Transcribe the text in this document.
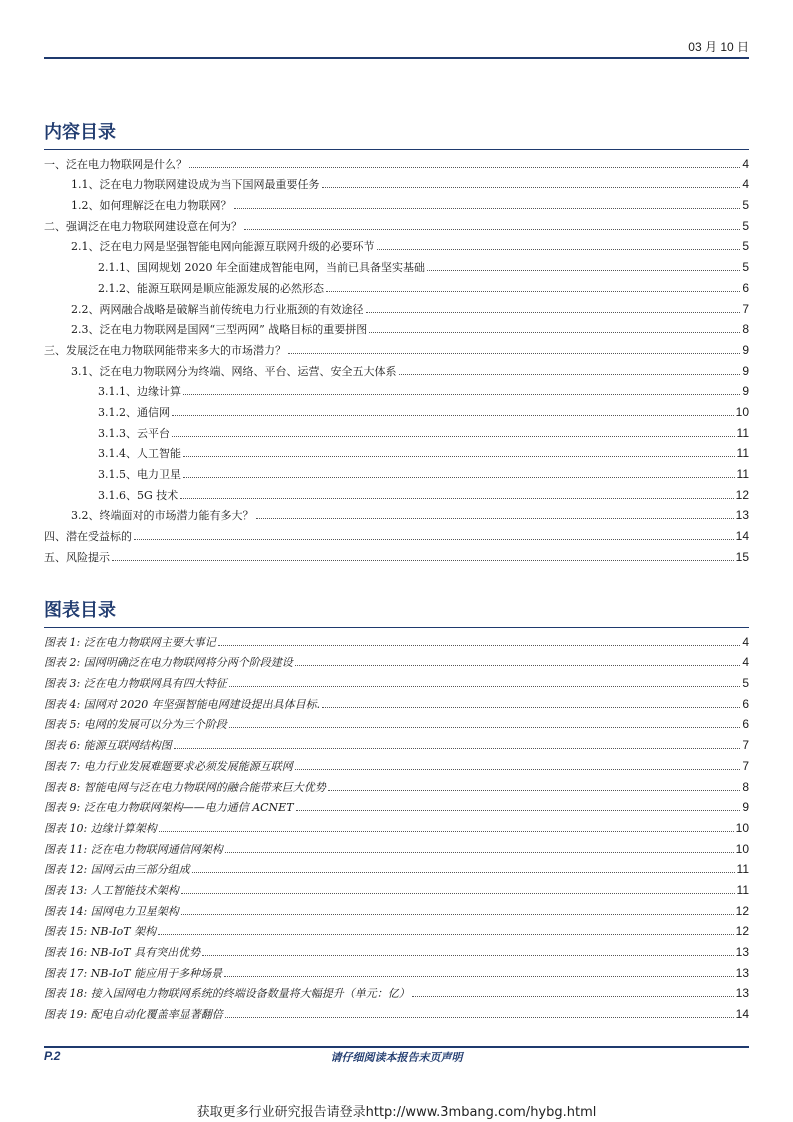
03 月 10 日
内容目录
一、泛在电力物联网是什么？	4
1.1、泛在电力物联网建设成为当下国网最重要任务	4
1.2、如何理解泛在电力物联网？	5
二、强调泛在电力物联网建设意在何为？	5
2.1、泛在电力网是坚强智能电网向能源互联网升级的必要环节	5
2.1.1、国网规划 2020 年全面建成智能电网，当前已具备坚实基础	5
2.1.2、能源互联网是顺应能源发展的必然形态	6
2.2、两网融合战略是破解当前传统电力行业瓶颈的有效途径	7
2.3、泛在电力物联网是国网“三型两网” 战略目标的重要拼图	8
三、发展泛在电力物联网能带来多大的市场潜力？	9
3.1、泛在电力物联网分为终端、网络、平台、运营、安全五大体系	9
3.1.1、边缘计算	9
3.1.2、通信网	10
3.1.3、云平台	11
3.1.4、人工智能	11
3.1.5、电力卫星	11
3.1.6、5G 技术	12
3.2、终端面对的市场潜力能有多大？	13
四、潜在受益标的	14
五、风险提示	15
图表目录
图表 1: 泛在电力物联网主要大事记	4
图表 2: 国网明确泛在电力物联网将分两个阶段建设	4
图表 3: 泛在电力物联网具有四大特征	5
图表 4: 国网对 2020 年坚强智能电网建设提出具体目标.	6
图表 5: 电网的发展可以分为三个阶段	6
图表 6: 能源互联网结构图	7
图表 7: 电力行业发展难题要求必须发展能源互联网	7
图表 8: 智能电网与泛在电力物联网的融合能带来巨大优势	8
图表 9: 泛在电力物联网架构——电力通信 ACNET	9
图表 10: 边缘计算架构	10
图表 11: 泛在电力物联网通信网架构	10
图表 12: 国网云由三部分组成	11
图表 13: 人工智能技术架构	11
图表 14: 国网电力卫星架构	12
图表 15: NB-IoT 架构	12
图表 16: NB-IoT 具有突出优势	13
图表 17: NB-IoT 能应用于多种场景	13
图表 18: 接入国网电力物联网系统的终端设备数量将大幅提升（单元：亿）	13
图表 19: 配电自动化覆盖率显著翻倍	14
P.2	请仔细阅读本报告末页声明
获取更多行业研究报告请登录http://www.3mbang.com/hybg.html
